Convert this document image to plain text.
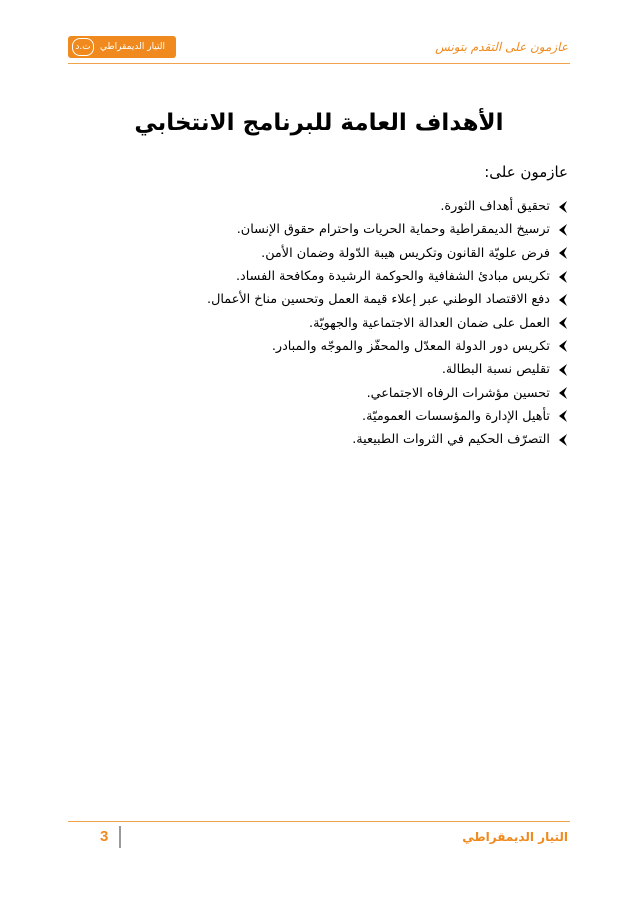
ت.د	التيار الديمقراطي	عازمون على التقدم بتونس
الأهداف العامة للبرنامج الانتخابي
عازمون على:
تحقيق أهداف الثورة.
ترسيخ الديمقراطية وحماية الحريات واحترام حقوق الإنسان.
فرض علويّة القانون وتكريس هيبة الدّولة وضمان الأمن.
تكريس مبادئ الشفافية والحوكمة الرشيدة ومكافحة الفساد.
دفع الاقتصاد الوطني عبر إعلاء قيمة العمل وتحسين مناخ الأعمال.
العمل على ضمان العدالة الاجتماعية والجهويّة.
تكريس دور الدولة المعدّل والمحفّز والموجّه والمبادر.
تقليص نسبة البطالة.
تحسين مؤشرات الرفاه الاجتماعي.
تأهيل الإدارة والمؤسسات العموميّة.
التصرّف الحكيم في الثروات الطبيعية.
3	التيار الديمقراطي
